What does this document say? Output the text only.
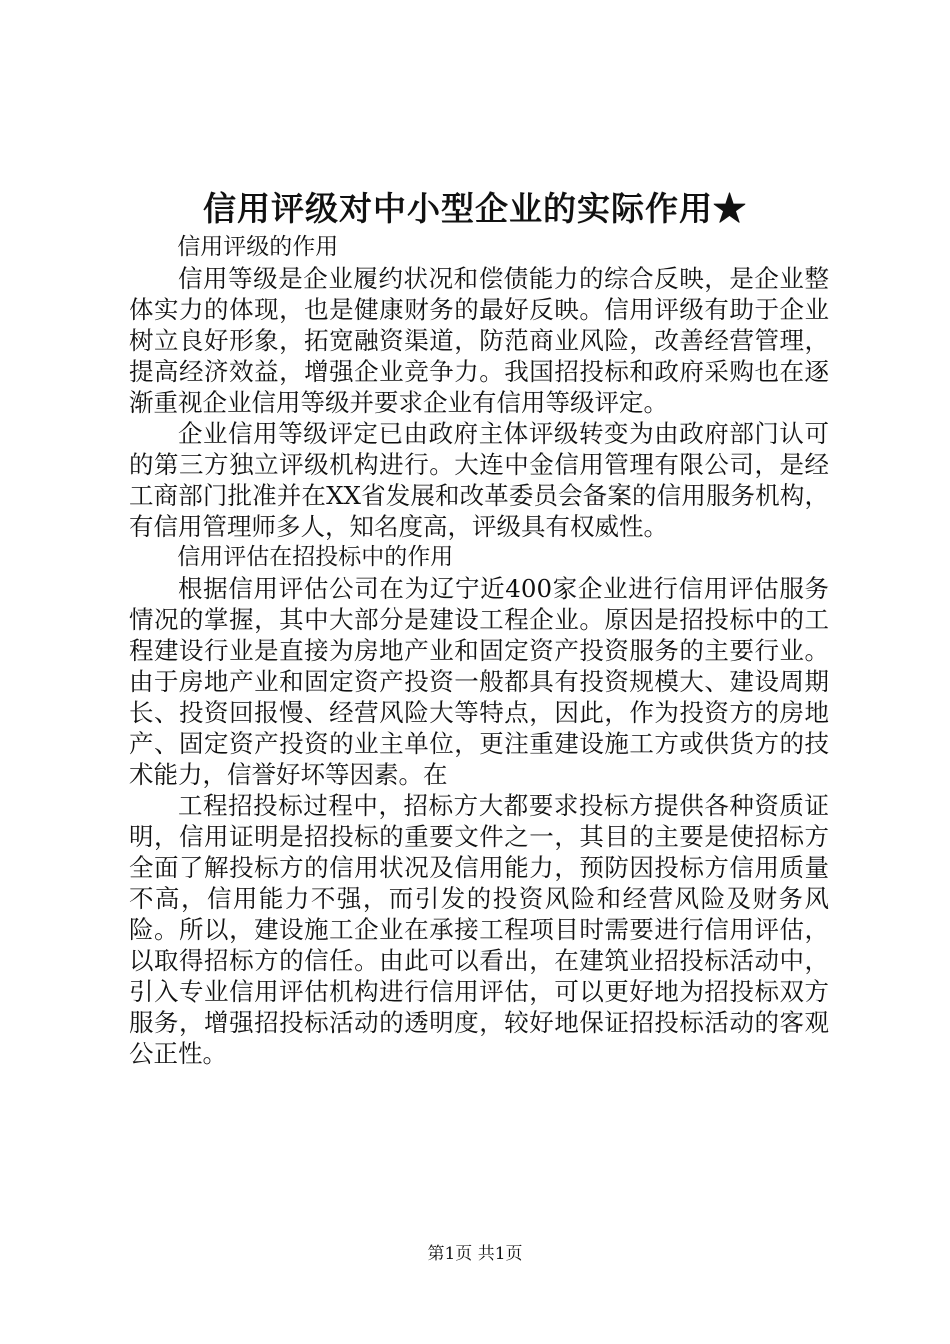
信用评级对中小型企业的实际作用★

信用评级的作用

信用等级是企业履约状况和偿债能力的综合反映，是企业整体实力的体现，也是健康财务的最好反映。信用评级有助于企业树立良好形象，拓宽融资渠道，防范商业风险，改善经营管理，提高经济效益，增强企业竞争力。我国招投标和政府采购也在逐渐重视企业信用等级并要求企业有信用等级评定。

企业信用等级评定已由政府主体评级转变为由政府部门认可的第三方独立评级机构进行。大连中金信用管理有限公司，是经工商部门批准并在XX省发展和改革委员会备案的信用服务机构，有信用管理师多人，知名度高，评级具有权威性。

信用评估在招投标中的作用

根据信用评估公司在为辽宁近400家企业进行信用评估服务情况的掌握，其中大部分是建设工程企业。原因是招投标中的工程建设行业是直接为房地产业和固定资产投资服务的主要行业。由于房地产业和固定资产投资一般都具有投资规模大、建设周期长、投资回报慢、经营风险大等特点，因此，作为投资方的房地产、固定资产投资的业主单位，更注重建设施工方或供货方的技术能力，信誉好坏等因素。在

工程招投标过程中，招标方大都要求投标方提供各种资质证明，信用证明是招投标的重要文件之一，其目的主要是使招标方全面了解投标方的信用状况及信用能力，预防因投标方信用质量不高，信用能力不强，而引发的投资风险和经营风险及财务风险。所以，建设施工企业在承接工程项目时需要进行信用评估，以取得招标方的信任。由此可以看出，在建筑业招投标活动中，引入专业信用评估机构进行信用评估，可以更好地为招投标双方服务，增强招投标活动的透明度，较好地保证招投标活动的客观公正性。

第1页 共1页
